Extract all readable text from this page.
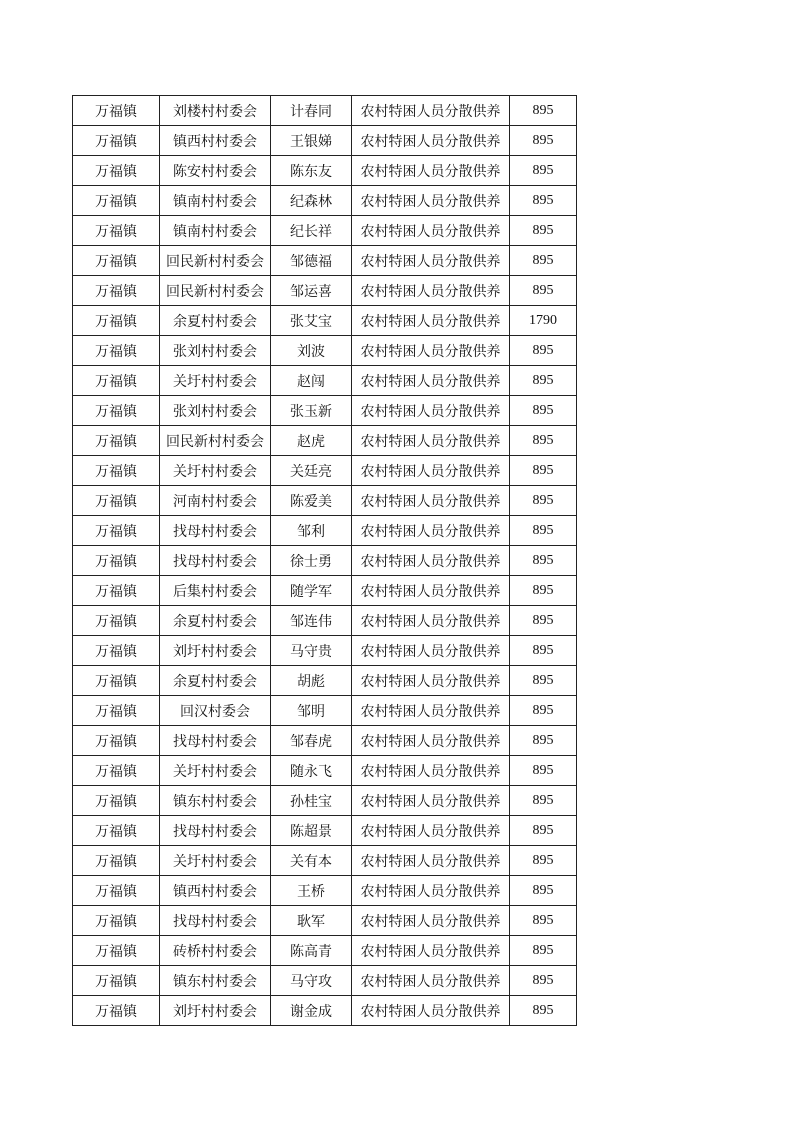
万福镇	刘楼村村委会	计春同	农村特困人员分散供养	895
万福镇	镇西村村委会	王银娣	农村特困人员分散供养	895
万福镇	陈安村村委会	陈东友	农村特困人员分散供养	895
万福镇	镇南村村委会	纪森林	农村特困人员分散供养	895
万福镇	镇南村村委会	纪长祥	农村特困人员分散供养	895
万福镇	回民新村村委会	邹德福	农村特困人员分散供养	895
万福镇	回民新村村委会	邹运喜	农村特困人员分散供养	895
万福镇	余夏村村委会	张艾宝	农村特困人员分散供养	1790
万福镇	张刘村村委会	刘波	农村特困人员分散供养	895
万福镇	关圩村村委会	赵闯	农村特困人员分散供养	895
万福镇	张刘村村委会	张玉新	农村特困人员分散供养	895
万福镇	回民新村村委会	赵虎	农村特困人员分散供养	895
万福镇	关圩村村委会	关廷亮	农村特困人员分散供养	895
万福镇	河南村村委会	陈爱美	农村特困人员分散供养	895
万福镇	找母村村委会	邹利	农村特困人员分散供养	895
万福镇	找母村村委会	徐士勇	农村特困人员分散供养	895
万福镇	后集村村委会	随学军	农村特困人员分散供养	895
万福镇	余夏村村委会	邹连伟	农村特困人员分散供养	895
万福镇	刘圩村村委会	马守贵	农村特困人员分散供养	895
万福镇	余夏村村委会	胡彪	农村特困人员分散供养	895
万福镇	回汉村委会	邹明	农村特困人员分散供养	895
万福镇	找母村村委会	邹春虎	农村特困人员分散供养	895
万福镇	关圩村村委会	随永飞	农村特困人员分散供养	895
万福镇	镇东村村委会	孙桂宝	农村特困人员分散供养	895
万福镇	找母村村委会	陈超景	农村特困人员分散供养	895
万福镇	关圩村村委会	关有本	农村特困人员分散供养	895
万福镇	镇西村村委会	王桥	农村特困人员分散供养	895
万福镇	找母村村委会	耿军	农村特困人员分散供养	895
万福镇	砖桥村村委会	陈高青	农村特困人员分散供养	895
万福镇	镇东村村委会	马守攻	农村特困人员分散供养	895
万福镇	刘圩村村委会	谢金成	农村特困人员分散供养	895
